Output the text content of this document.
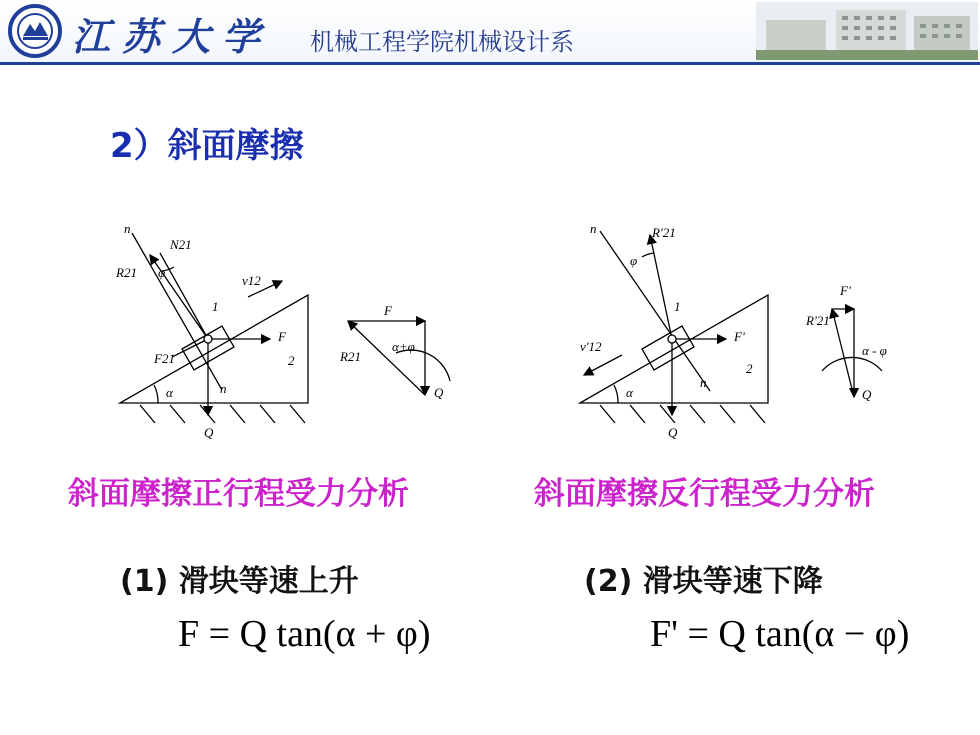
江苏大学 机械工程学院机械设计系
2）斜面摩擦
n
N21
R21 φ
v12
1
F
F21	2
α	n
Q
F
R21
α+φ
Q
n	R'21
φ
1
v'12
F'
2
n
α
Q
F'
R'21
α - φ
Q
斜面摩擦正行程受力分析	斜面摩擦反行程受力分析
(1) 滑块等速上升	(2) 滑块等速下降
F = Q tan(α + φ)	F' = Q tan(α − φ)
